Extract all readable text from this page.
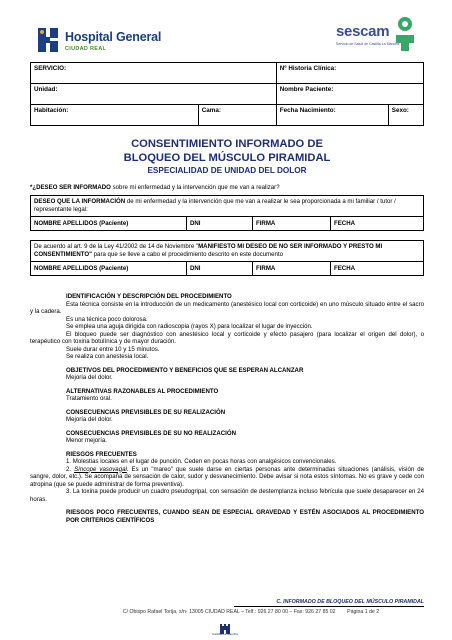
Hospital General
CIUDAD REAL
sescam
Servicio de Salud de Castilla-La Mancha
SERVICIO:		Nº Historia Clínica:	
Unidad:		Nombre Paciente:	
Habitación:	Cama:	Fecha Nacimiento:	Sexo:
CONSENTIMIENTO INFORMADO DE
BLOQUEO DEL MÚSCULO PIRAMIDAL
ESPECIALIDAD DE UNIDAD DEL DOLOR
*¿DESEO SER INFORMADO sobre mi enfermedad y la intervención que me van a realizar?
DESEO QUE LA INFORMACIÓN de mi enfermedad y la intervención que me van a realizar le sea proporcionada a mi familiar / tutor / representante legal:
NOMBRE APELLIDOS (Paciente)	DNI	FIRMA	FECHA
De acuerdo al art. 9 de la Ley 41/2002 de 14 de Noviembre "MANIFIESTO MI DESEO DE NO SER INFORMADO Y PRESTO MI CONSENTIMIENTO" para que se lleve a cabo el procedimiento descrito en este documento
NOMBRE APELLIDOS (Paciente)	DNI	FIRMA	FECHA
IDENTIFICACIÓN Y DESCRIPCIÓN DEL PROCEDIMIENTO
Esta técnica consiste en la introducción de un medicamento (anestésico local con corticoide) en uno músculo situado entre el sacro y la cadera.
Es una técnica poco dolorosa.
Se emplea una aguja dirigida con radioscopia (rayos X) para localizar el lugar de inyección.
El bloqueo puede ser diagnóstico con anestésico local y corticoide y efecto pasajero (para localizar el origen del dolor), o terapéutico con toxina botulínica y de mayor duración.
Suele durar entre 10 y 15 minutos.
Se realiza con anestesia local.
OBJETIVOS DEL PROCEDIMIENTO Y BENEFICIOS QUE SE ESPERAN ALCANZAR
Mejoría del dolor.
ALTERNATIVAS RAZONABLES AL PROCEDIMIENTO
Tratamiento oral.
CONSECUENCIAS PREVISIBLES DE SU REALIZACIÓN
Mejoría del dolor.
CONSECUENCIAS PREVISIBLES DE SU NO REALIZACIÓN
Menor mejoría.
RIESGOS FRECUENTES
1. Molestias locales en el lugar de punción. Ceden en pocas horas con analgésicos convencionales.
2. Síncope vasovagal. Es un "mareo" que suele darse en ciertas personas ante determinadas situaciones (análisis, visión de sangre, dolor, etc.). Se acompaña de sensación de calor, sudor y desvanecimiento. Debe avisar si nota estos síntomas. No es grave y cede con atropina (que se puede administrar de forma preventiva).
3. La toxina puede producir un cuadro pseudogripal, con sensación de destemplanza incluso febrícula que suele desaparecer en 24 horas.
RIESGOS POCO FRECUENTES, CUANDO SEAN DE ESPECIAL GRAVEDAD Y ESTÉN ASOCIADOS AL PROCEDIMIENTO POR CRITERIOS CIENTÍFICOS
C. INFORMADO DE BLOQUEO DEL MÚSCULO PIRAMIDAL
C/ Obispo Rafael Torija, s/n- 13005 CIUDAD REAL – Telf.: 926 27 80 00 – Fax: 926 27 85 02 Página 1 de 2
Castilla-La Mancha
